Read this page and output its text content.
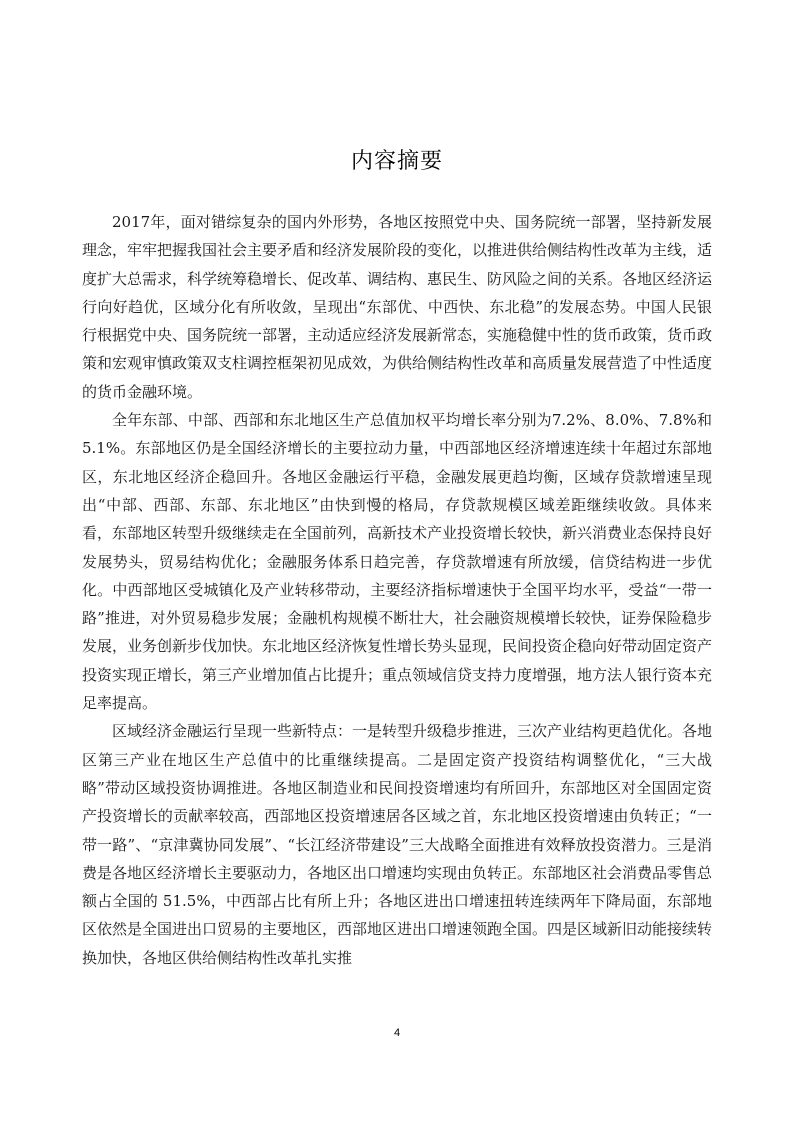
内容摘要

2017年，面对错综复杂的国内外形势，各地区按照党中央、国务院统一部署，坚持新发展理念，牢牢把握我国社会主要矛盾和经济发展阶段的变化，以推进供给侧结构性改革为主线，适度扩大总需求，科学统筹稳增长、促改革、调结构、惠民生、防风险之间的关系。各地区经济运行向好趋优，区域分化有所收敛，呈现出“东部优、中西快、东北稳”的发展态势。中国人民银行根据党中央、国务院统一部署，主动适应经济发展新常态，实施稳健中性的货币政策，货币政策和宏观审慎政策双支柱调控框架初见成效，为供给侧结构性改革和高质量发展营造了中性适度的货币金融环境。

全年东部、中部、西部和东北地区生产总值加权平均增长率分别为7.2%、8.0%、7.8%和5.1%。东部地区仍是全国经济增长的主要拉动力量，中西部地区经济增速连续十年超过东部地区，东北地区经济企稳回升。各地区金融运行平稳，金融发展更趋均衡，区域存贷款增速呈现出“中部、西部、东部、东北地区”由快到慢的格局，存贷款规模区域差距继续收敛。具体来看，东部地区转型升级继续走在全国前列，高新技术产业投资增长较快，新兴消费业态保持良好发展势头，贸易结构优化；金融服务体系日趋完善，存贷款增速有所放缓，信贷结构进一步优化。中西部地区受城镇化及产业转移带动，主要经济指标增速快于全国平均水平，受益“一带一路”推进，对外贸易稳步发展；金融机构规模不断壮大，社会融资规模增长较快，证券保险稳步发展，业务创新步伐加快。东北地区经济恢复性增长势头显现，民间投资企稳向好带动固定资产投资实现正增长，第三产业增加值占比提升；重点领域信贷支持力度增强，地方法人银行资本充足率提高。

区域经济金融运行呈现一些新特点：一是转型升级稳步推进，三次产业结构更趋优化。各地区第三产业在地区生产总值中的比重继续提高。二是固定资产投资结构调整优化，“三大战略”带动区域投资协调推进。各地区制造业和民间投资增速均有所回升，东部地区对全国固定资产投资增长的贡献率较高，西部地区投资增速居各区域之首，东北地区投资增速由负转正；“一带一路”、“京津冀协同发展”、“长江经济带建设”三大战略全面推进有效释放投资潜力。三是消费是各地区经济增长主要驱动力，各地区出口增速均实现由负转正。东部地区社会消费品零售总额占全国的 51.5%，中西部占比有所上升；各地区进出口增速扭转连续两年下降局面，东部地区依然是全国进出口贸易的主要地区，西部地区进出口增速领跑全国。四是区域新旧动能接续转换加快，各地区供给侧结构性改革扎实推

4
